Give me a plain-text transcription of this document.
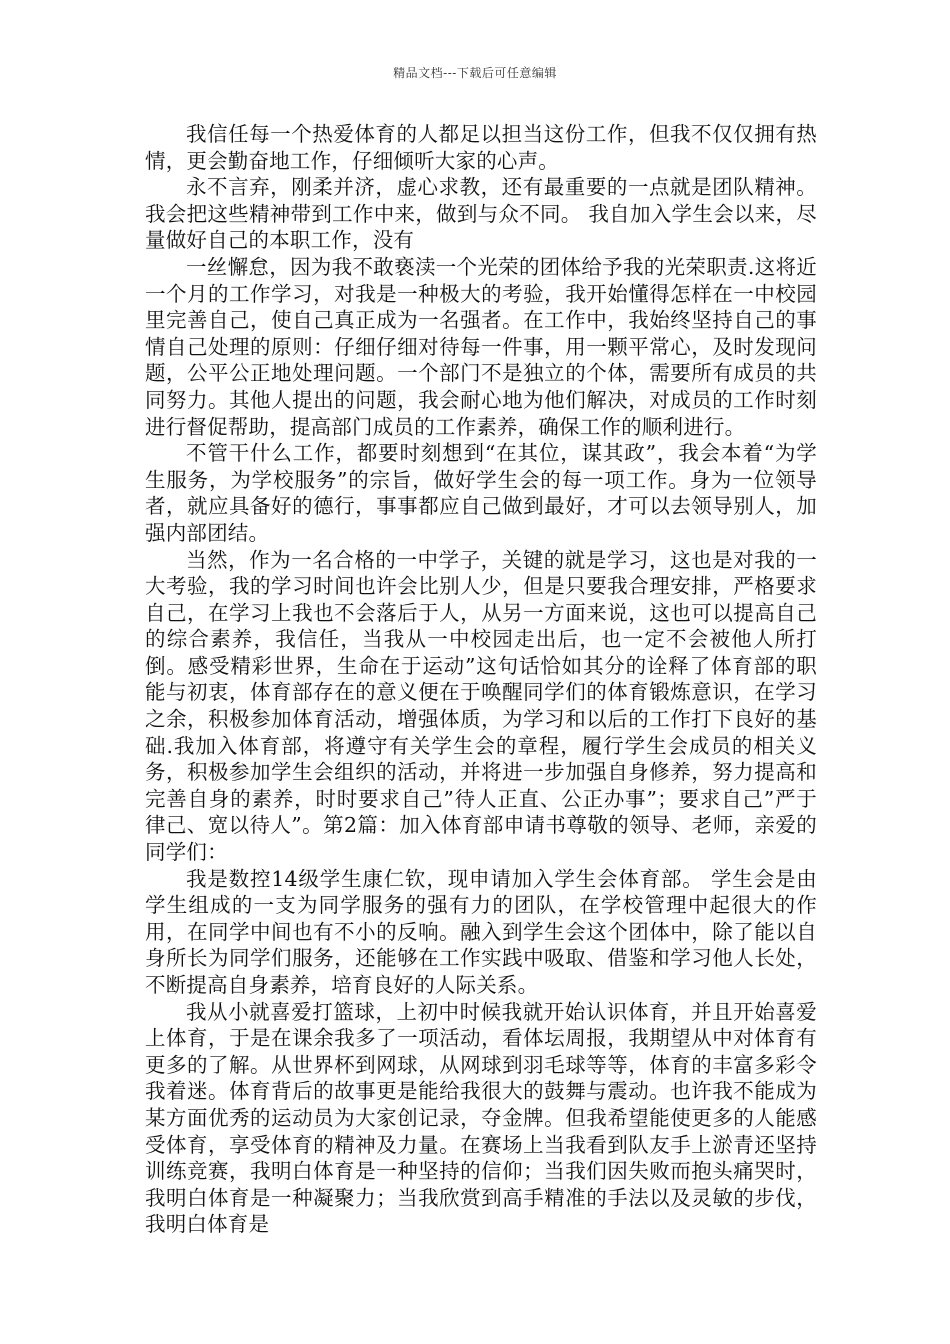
精品文档---下载后可任意编辑

我信任每一个热爱体育的人都足以担当这份工作，但我不仅仅拥有热情，更会勤奋地工作，仔细倾听大家的心声。

永不言弃，刚柔并济，虚心求教，还有最重要的一点就是团队精神。我会把这些精神带到工作中来，做到与众不同。 我自加入学生会以来，尽量做好自己的本职工作，没有

一丝懈怠，因为我不敢亵渎一个光荣的团体给予我的光荣职责.这将近一个月的工作学习，对我是一种极大的考验，我开始懂得怎样在一中校园里完善自己，使自己真正成为一名强者。在工作中，我始终坚持自己的事情自己处理的原则：仔细仔细对待每一件事，用一颗平常心，及时发现问题，公平公正地处理问题。一个部门不是独立的个体，需要所有成员的共同努力。其他人提出的问题，我会耐心地为他们解决，对成员的工作时刻进行督促帮助，提高部门成员的工作素养，确保工作的顺利进行。

不管干什么工作，都要时刻想到“在其位，谋其政”，我会本着“为学生服务，为学校服务”的宗旨，做好学生会的每一项工作。身为一位领导者，就应具备好的德行，事事都应自己做到最好，才可以去领导别人，加强内部团结。

当然，作为一名合格的一中学子，关键的就是学习，这也是对我的一大考验，我的学习时间也许会比别人少，但是只要我合理安排，严格要求自己，在学习上我也不会落后于人，从另一方面来说，这也可以提高自己的综合素养，我信任，当我从一中校园走出后，也一定不会被他人所打倒。感受精彩世界，生命在于运动”这句话恰如其分的诠释了体育部的职能与初衷，体育部存在的意义便在于唤醒同学们的体育锻炼意识，在学习之余，积极参加体育活动，增强体质，为学习和以后的工作打下良好的基础.我加入体育部，将遵守有关学生会的章程，履行学生会成员的相关义务，积极参加学生会组织的活动，并将进一步加强自身修养，努力提高和完善自身的素养，时时要求自己”待人正直、公正办事”；要求自己”严于律己、宽以待人”。第2篇：加入体育部申请书尊敬的领导、老师，亲爱的同学们：

我是数控14级学生康仁钦，现申请加入学生会体育部。 学生会是由学生组成的一支为同学服务的强有力的团队，在学校管理中起很大的作用，在同学中间也有不小的反响。融入到学生会这个团体中，除了能以自身所长为同学们服务，还能够在工作实践中吸取、借鉴和学习他人长处，不断提高自身素养，培育良好的人际关系。

我从小就喜爱打篮球，上初中时候我就开始认识体育，并且开始喜爱上体育，于是在课余我多了一项活动，看体坛周报，我期望从中对体育有更多的了解。从世界杯到网球，从网球到羽毛球等等，体育的丰富多彩令我着迷。体育背后的故事更是能给我很大的鼓舞与震动。也许我不能成为某方面优秀的运动员为大家创记录，夺金牌。但我希望能使更多的人能感受体育，享受体育的精神及力量。在赛场上当我看到队友手上淤青还坚持训练竞赛，我明白体育是一种坚持的信仰；当我们因失败而抱头痛哭时，我明白体育是一种凝聚力；当我欣赏到高手精准的手法以及灵敏的步伐，我明白体育是
